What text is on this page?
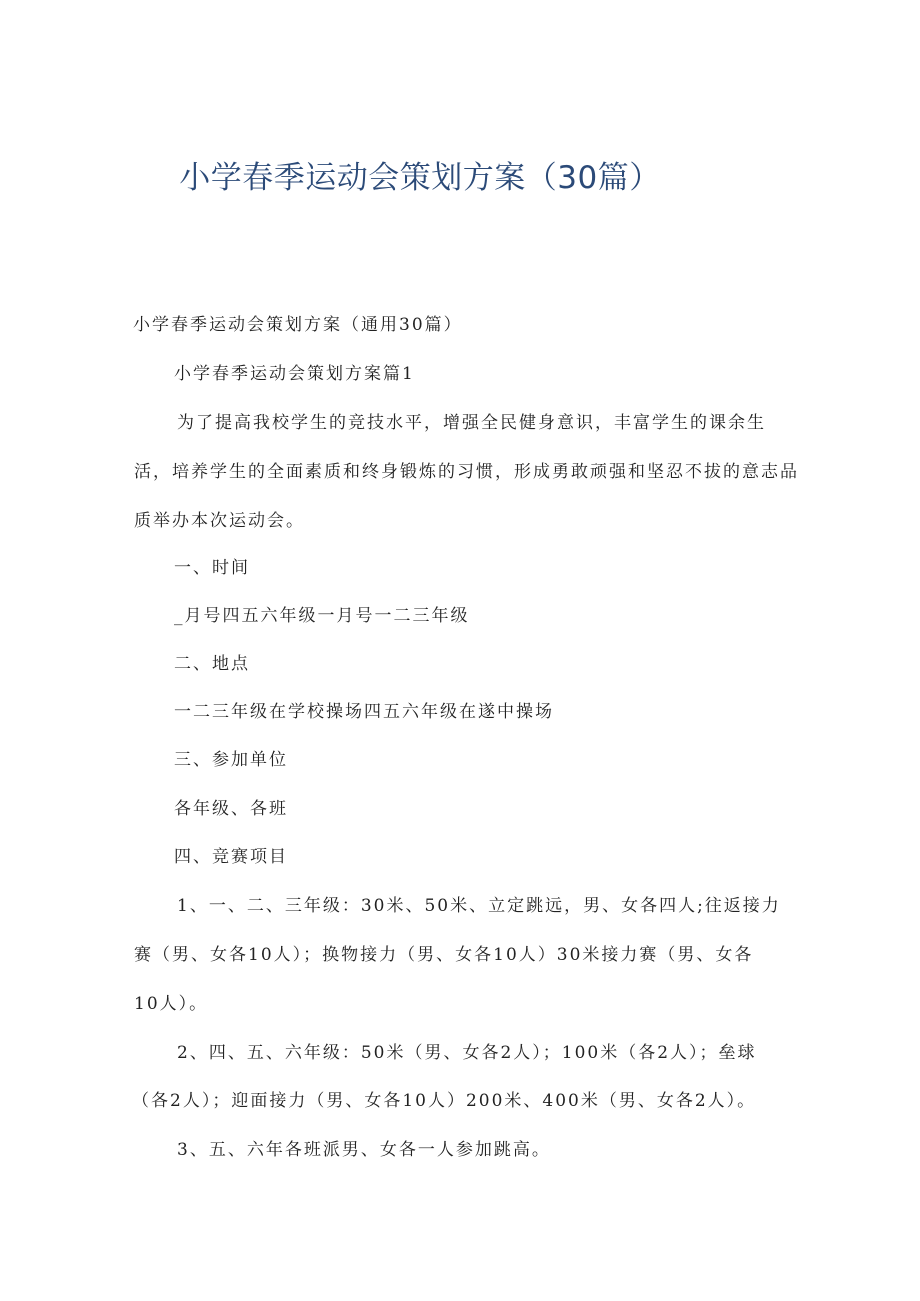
小学春季运动会策划方案（30篇）
小学春季运动会策划方案（通用30篇）
小学春季运动会策划方案篇1
为了提高我校学生的竞技水平，增强全民健身意识，丰富学生的课余生
活，培养学生的全面素质和终身锻炼的习惯，形成勇敢顽强和坚忍不拔的意志品
质举办本次运动会。
一、时间
_月号四五六年级一月号一二三年级
二、地点
一二三年级在学校操场四五六年级在遂中操场
三、参加单位
各年级、各班
四、竞赛项目
1、一、二、三年级：30米、50米、立定跳远，男、女各四人;往返接力
赛（男、女各10人）；换物接力（男、女各10人）30米接力赛（男、女各
10人）。
2、四、五、六年级：50米（男、女各2人）；100米（各2人）；垒球
（各2人）；迎面接力（男、女各10人）200米、400米（男、女各2人）。
3、五、六年各班派男、女各一人参加跳高。
